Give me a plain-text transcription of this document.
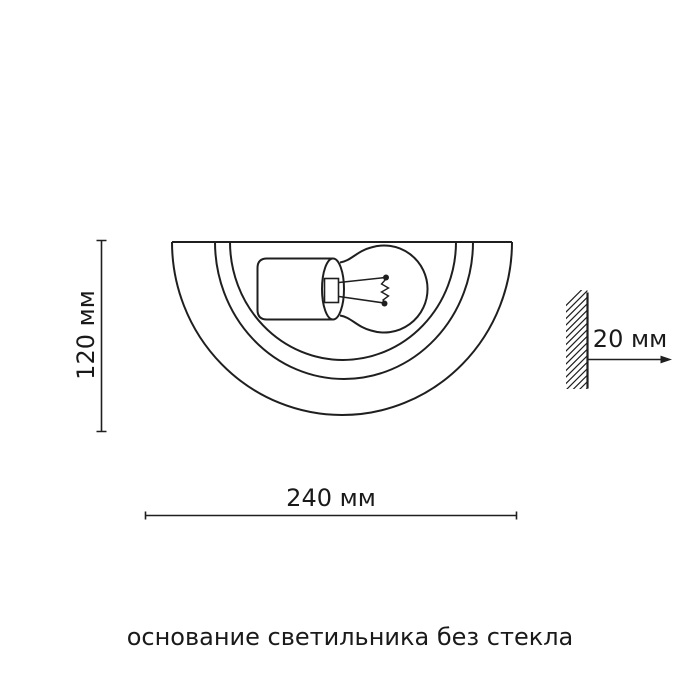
120 мм
240 мм
20 мм
основание светильника без стекла
